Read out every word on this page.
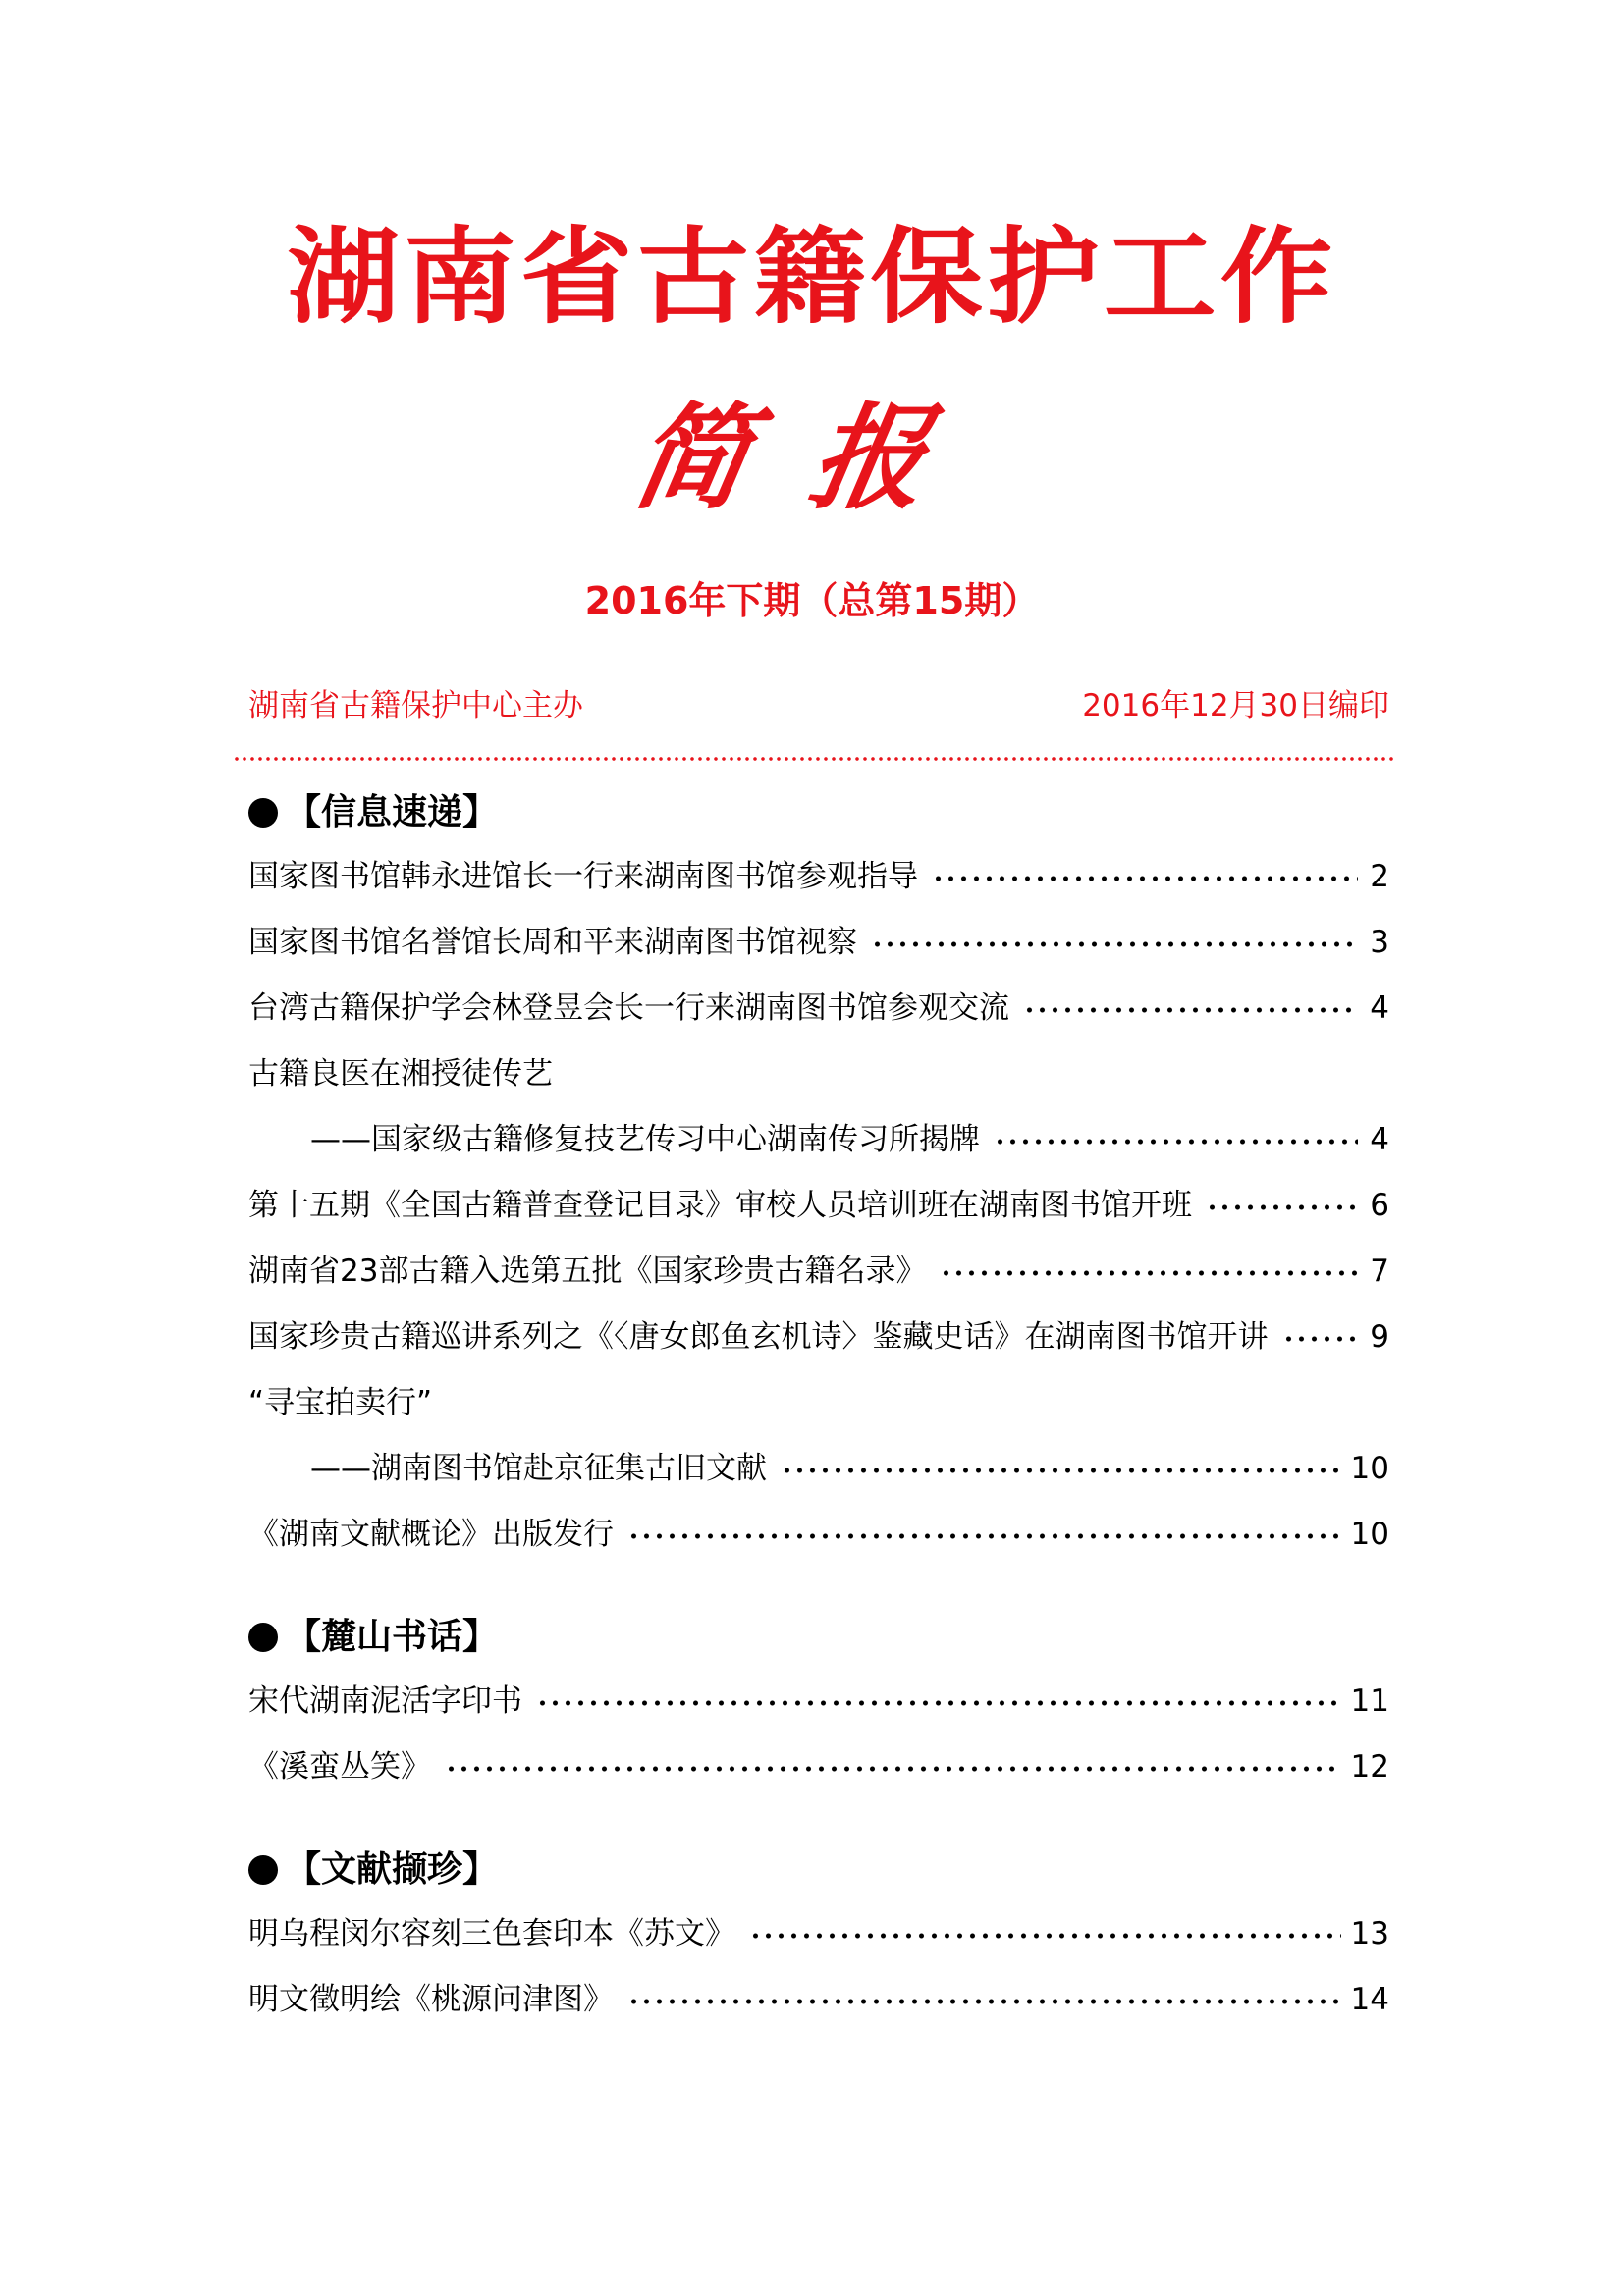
湖南省古籍保护工作
简报
2016年下期（总第15期）
湖南省古籍保护中心主办	2016年12月30日编印
【信息速递】
国家图书馆韩永进馆长一行来湖南图书馆参观指导	2
国家图书馆名誉馆长周和平来湖南图书馆视察	3
台湾古籍保护学会林登昱会长一行来湖南图书馆参观交流	4
古籍良医在湘授徒传艺
——国家级古籍修复技艺传习中心湖南传习所揭牌	4
第十五期《全国古籍普查登记目录》审校人员培训班在湖南图书馆开班	6
湖南省23部古籍入选第五批《国家珍贵古籍名录》	7
国家珍贵古籍巡讲系列之《〈唐女郎鱼玄机诗〉鉴藏史话》在湖南图书馆开讲	9
“寻宝拍卖行”
——湖南图书馆赴京征集古旧文献	10
《湖南文献概论》出版发行	10
【麓山书话】
宋代湖南泥活字印书	11
《溪蛮丛笑》	12
【文献撷珍】
明乌程闵尔容刻三色套印本《苏文》	13
明文徵明绘《桃源问津图》	14
